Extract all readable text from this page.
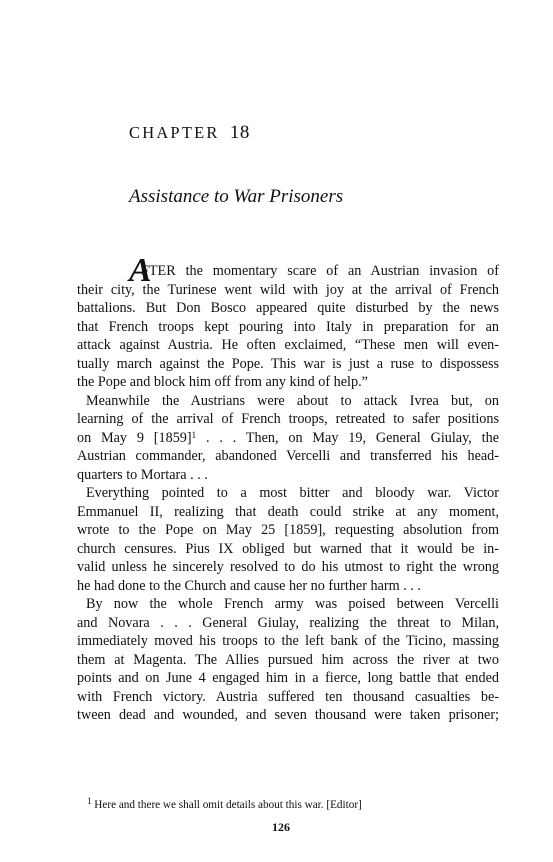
CHAPTER 18
Assistance to War Prisoners
A

FTER the momentary scare of an Austrian invasion of

their city, the Turinese went wild with joy at the arrival of French

battalions. But Don Bosco appeared quite disturbed by the news

that French troops kept pouring into Italy in preparation for an

attack against Austria. He often exclaimed, “These men will even-

tually march against the Pope. This war is just a ruse to dispossess

the Pope and block him off from any kind of help.”

Meanwhile the Austrians were about to attack Ivrea but, on

learning of the arrival of French troops, retreated to safer positions

on May 9 $[1859]^1$ . . . Then, on May 19, General Giulay, the

Austrian commander, abandoned Vercelli and transferred his head-

quarters to Mortara . . .

Everything pointed to a most bitter and bloody war. Victor

Emmanuel II, realizing that death could strike at any moment,

wrote to the Pope on May 25 [1859], requesting absolution from

church censures. Pius IX obliged but warned that it would be in-

valid unless he sincerely resolved to do his utmost to right the wrong

he had done to the Church and cause her no further harm . . .

By now the whole French army was poised between Vercelli

and Novara . . . General Giulay, realizing the threat to Milan,

immediately moved his troops to the left bank of the Ticino, massing

them at Magenta. The Allies pursued him across the river at two

points and on June 4 engaged him in a fierce, long battle that ended

with French victory. Austria suffered ten thousand casualties be-

tween dead and wounded, and seven thousand were taken prisoner;

$^1$ Here and there we shall omit details about this war. [Editor]
126
